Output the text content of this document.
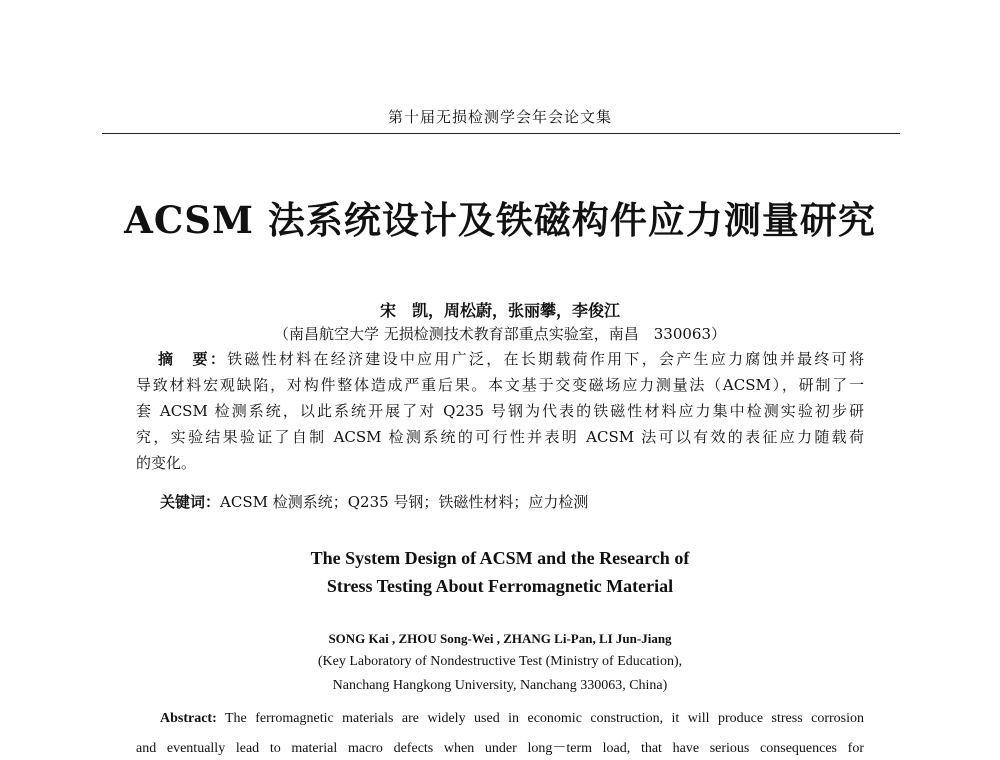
第十届无损检测学会年会论文集
ACSM 法系统设计及铁磁构件应力测量研究
宋　凯，周松蔚，张丽攀，李俊江
（南昌航空大学 无损检测技术教育部重点实验室，南昌　330063）
摘　要：铁磁性材料在经济建设中应用广泛，在长期载荷作用下，会产生应力腐蚀并最终可将
导致材料宏观缺陷，对构件整体造成严重后果。本文基于交变磁场应力测量法（ACSM），研制了一
套 ACSM 检测系统，以此系统开展了对 Q235 号钢为代表的铁磁性材料应力集中检测实验初步研
究，实验结果验证了自制 ACSM 检测系统的可行性并表明 ACSM 法可以有效的表征应力随载荷
的变化。
关键词：ACSM 检测系统；Q235 号钢；铁磁性材料；应力检测
The System Design of ACSM and the Research of
Stress Testing About Ferromagnetic Material
SONG Kai , ZHOU Song-Wei , ZHANG Li-Pan, LI Jun-Jiang
(Key Laboratory of Nondestructive Test (Ministry of Education),
Nanchang Hangkong University, Nanchang 330063, China)
Abstract: The ferromagnetic materials are widely used in economic construction, it will produce stress corrosion
and eventually lead to material macro defects when under long－term load, that have serious consequences for
